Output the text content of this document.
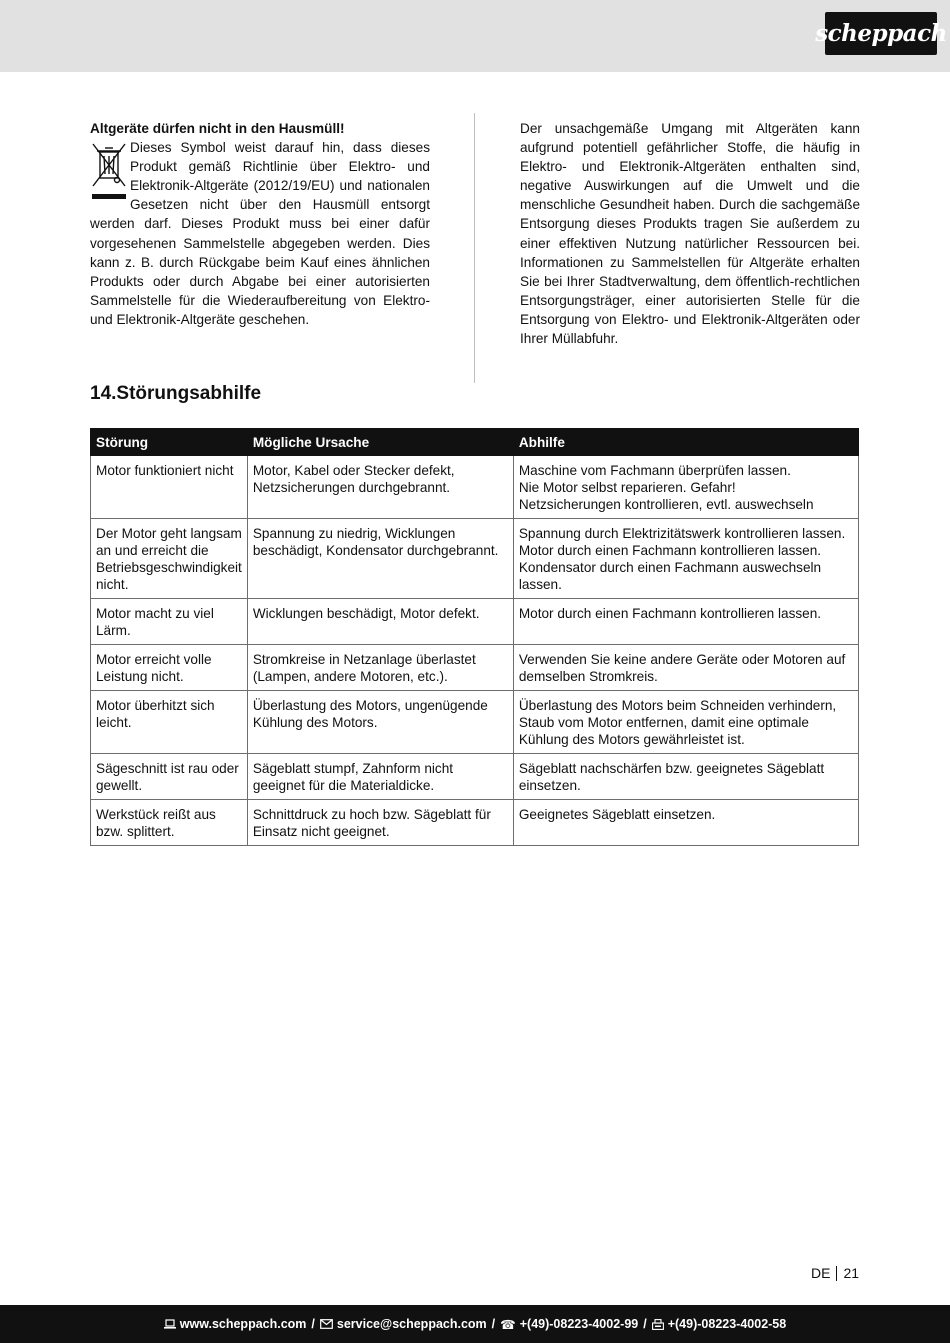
scheppach
Altgeräte dürfen nicht in den Hausmüll!
Dieses Symbol weist darauf hin, dass dieses Produkt gemäß Richtlinie über Elektro- und Elektronik-Altgeräte (2012/19/EU) und nationalen Gesetzen nicht über den Hausmüll entsorgt werden darf. Dieses Produkt muss bei einer dafür vorgesehenen Sammelstelle abgegeben werden. Dies kann z. B. durch Rückgabe beim Kauf eines ähnlichen Produkts oder durch Abgabe bei einer autorisierten Sammelstelle für die Wiederaufbereitung von Elektro- und Elektronik-Altgeräte geschehen.
Der unsachgemäße Umgang mit Altgeräten kann aufgrund potentiell gefährlicher Stoffe, die häufig in Elektro- und Elektronik-Altgeräten enthalten sind, negative Auswirkungen auf die Umwelt und die menschliche Gesundheit haben. Durch die sachgemäße Entsorgung dieses Produkts tragen Sie außerdem zu einer effektiven Nutzung natürlicher Ressourcen bei. Informationen zu Sammelstellen für Altgeräte erhalten Sie bei Ihrer Stadtverwaltung, dem öffentlich-rechtlichen Entsorgungsträger, einer autorisierten Stelle für die Entsorgung von Elektro- und Elektronik-Altgeräten oder Ihrer Müllabfuhr.
14.Störungsabhilfe
Störung	Mögliche Ursache	Abhilfe
Motor funktioniert nicht	Motor, Kabel oder Stecker defekt, Netzsicherungen durchgebrannt.	Maschine vom Fachmann überprüfen lassen.
Nie Motor selbst reparieren. Gefahr!
Netzsicherungen kontrollieren, evtl. auswechseln

Der Motor geht langsam an und erreicht die Betriebsgeschwindigkeit nicht.	Spannung zu niedrig, Wicklungen beschädigt, Kondensator durchgebrannt.	Spannung durch Elektrizitätswerk kontrollieren lassen. Motor durch einen Fachmann kontrollieren lassen. Kondensator durch einen Fachmann auswechseln lassen.

Motor macht zu viel Lärm.	Wicklungen beschädigt, Motor defekt.	Motor durch einen Fachmann kontrollieren lassen.

Motor erreicht volle Leistung nicht.	Stromkreise in Netzanlage überlastet (Lampen, andere Motoren, etc.).	Verwenden Sie keine andere Geräte oder Motoren auf demselben Stromkreis.

Motor überhitzt sich leicht.	Überlastung des Motors, ungenügende Kühlung des Motors.	Überlastung des Motors beim Schneiden verhindern, Staub vom Motor entfernen, damit eine optimale Kühlung des Motors gewährleistet ist.

Sägeschnitt ist rau oder gewellt.	Sägeblatt stumpf, Zahnform nicht geeignet für die Materialdicke.	Sägeblatt nachschärfen bzw. geeignetes Sägeblatt einsetzen.

Werkstück reißt aus bzw. splittert.	Schnittdruck zu hoch bzw. Sägeblatt für Einsatz nicht geeignet.	Geeignetes Sägeblatt einsetzen.
DE 21
www.scheppach.com / service@scheppach.com / ☎ +(49)-08223-4002-99 / +(49)-08223-4002-58
